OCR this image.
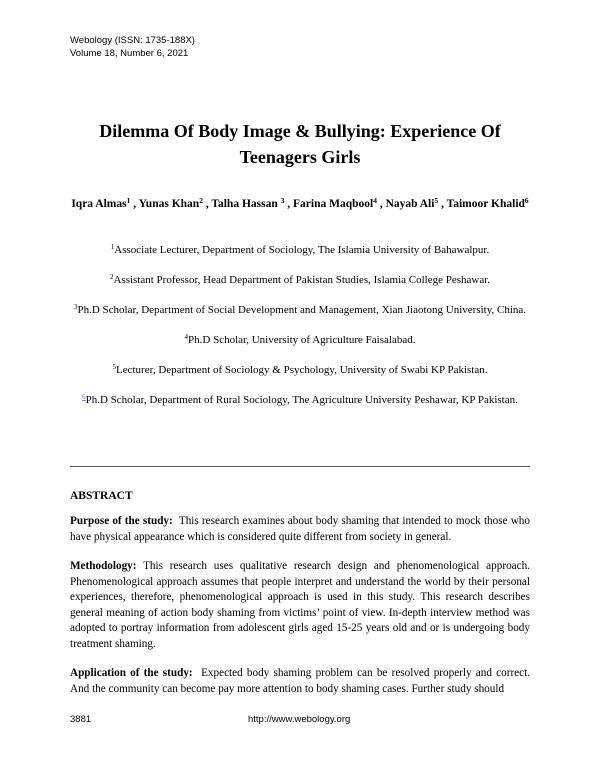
Webology (ISSN: 1735-188X)
Volume 18, Number 6, 2021
Dilemma Of Body Image & Bullying: Experience Of
Teenagers Girls
Iqra Almas$^1$ , Yunas Khan$^2$ , Talha Hassan $^3$ , Farina Maqbool$^4$ , Nayab Ali$^5$ , Taimoor Khalid$^6$
$^1$Associate Lecturer, Department of Sociology, The Islamia University of Bahawalpur.
$^2$Assistant Professor, Head Department of Pakistan Studies, Islamia College Peshawar.
$^3$Ph.D Scholar, Department of Social Development and Management, Xian Jiaotong University, China.
$^4$Ph.D Scholar, University of Agriculture Faisalabad.
$^5$Lecturer, Department of Sociology & Psychology, University of Swabi KP Pakistan.
$^6$Ph.D Scholar, Department of Rural Sociology, The Agriculture University Peshawar, KP Pakistan.
ABSTRACT

Purpose of the study: This research examines about body shaming that intended to mock those who have physical appearance which is considered quite different from society in general.

Methodology: This research uses qualitative research design and phenomenological approach. Phenomenological approach assumes that people interpret and understand the world by their personal experiences, therefore, phenomenological approach is used in this study. This research describes general meaning of action body shaming from victims’ point of view. In-depth interview method was adopted to portray information from adolescent girls aged 15-25 years old and or is undergoing body treatment shaming.

Application of the study: Expected body shaming problem can be resolved properly and correct. And the community can become pay more attention to body shaming cases. Further study should

3881	http://www.webology.org
